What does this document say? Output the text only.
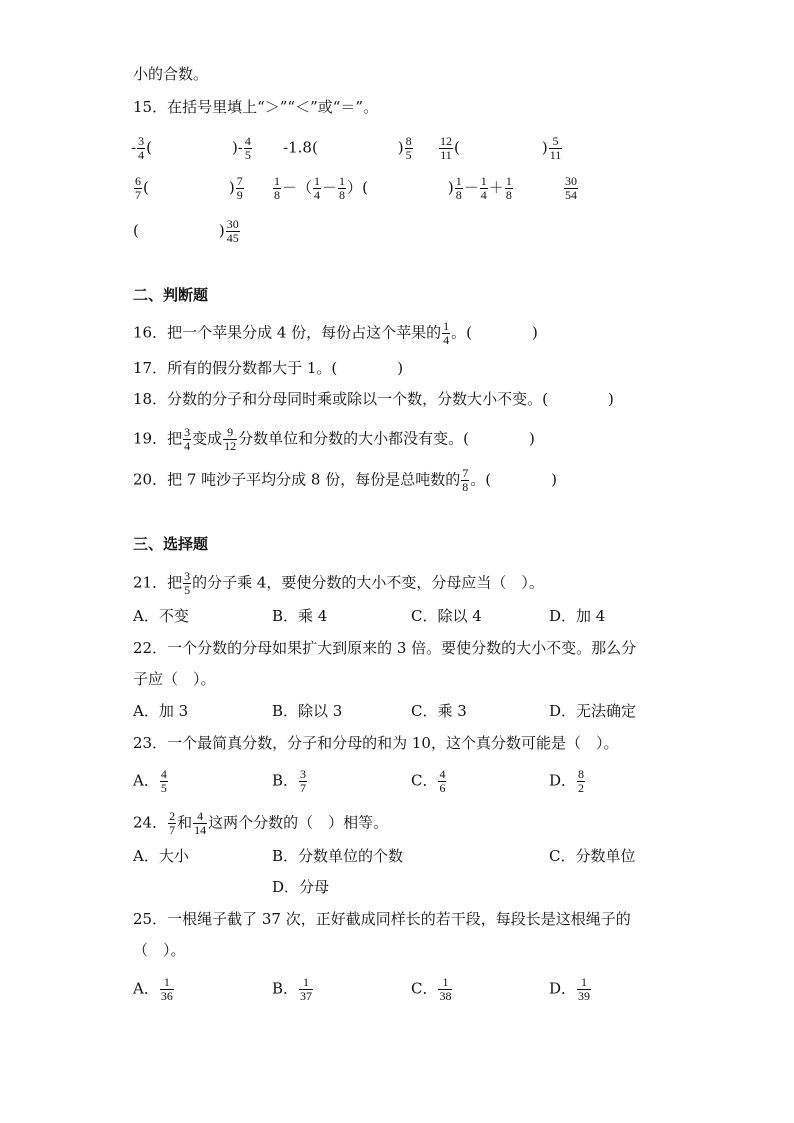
小的合数。
15．在括号里填上“＞”“＜”或“＝”。
- $\frac{3}{4}$ (	)- $\frac{4}{5} -1.8$(	) $\frac{8}{5} \frac{12}{11}$ (	) $\frac{5}{11}$
$\frac{6}{7}$ (	) $\frac{7}{9} \frac{1}{8}$ －（ $\frac{1}{4} - \frac{1}{8}$ ）(	) $\frac{1}{8} - \frac{1}{4} + \frac{1}{8}$	$\frac{30}{54}$
(	) $\frac{30}{45}$
二、判断题
16．把一个苹果分成 4 份，每份占这个苹果的 $\frac{1}{4}$ 。(　　　　)
17．所有的假分数都大于 1。(　　　　)
18．分数的分子和分母同时乘或除以一个数，分数大小不变。(　　　　)
19．把 $\frac{3}{4}$ 变成 $\frac{9}{12}$ 分数单位和分数的大小都没有变。(　　　　)
20．把 7 吨沙子平均分成 8 份，每份是总吨数的 $\frac{7}{8}$ 。(　　　　)
三、选择题
21．把 $\frac{3}{5}$ 的分子乘 4，要使分数的大小不变，分母应当（　）。
A．不变	B．乘 4	C．除以 4	D．加 4
22．一个分数的分母如果扩大到原来的 3 倍。要使分数的大小不变。那么分
子应（　）。
A．加 3	B．除以 3	C．乘 3	D．无法确定
23．一个最简真分数，分子和分母的和为 10，这个真分数可能是（　）。
A． $\frac{4}{5}$	B． $\frac{3}{7}$	C． $\frac{4}{6}$	D． $\frac{8}{2}$
24． $\frac{2}{7}$ 和 $\frac{4}{14}$ 这两个分数的（　）相等。
A．大小	B．分数单位的个数	C．分数单位
D．分母
25．一根绳子截了 37 次，正好截成同样长的若干段，每段长是这根绳子的
（　）。
A． $\frac{1}{36}$	B． $\frac{1}{37}$	C． $\frac{1}{38}$	D． $\frac{1}{39}$
